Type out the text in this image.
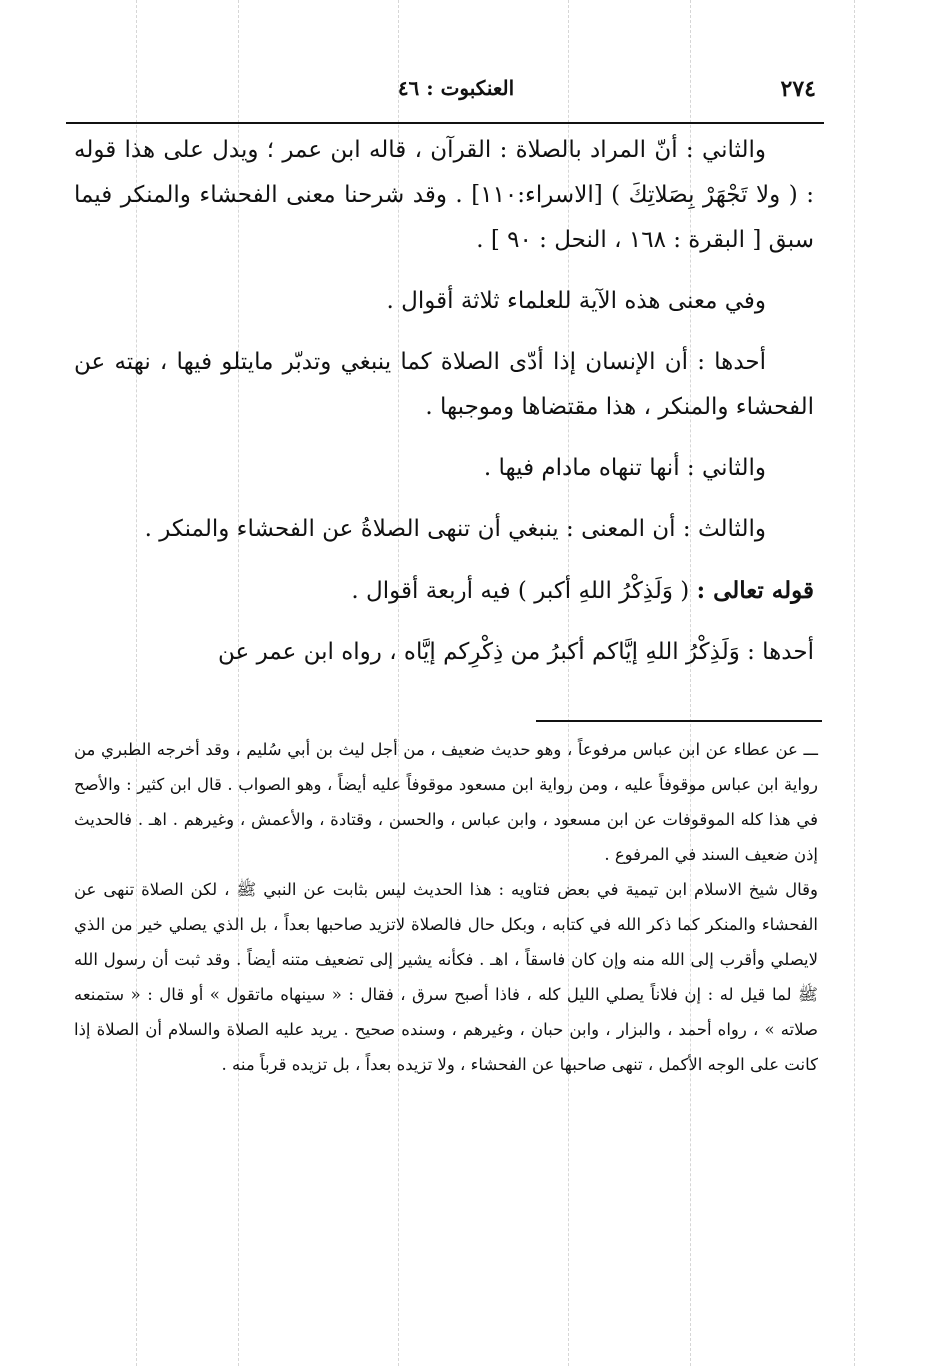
٢٧٤
العنكبوت : ٤٦

والثاني : أنّ المراد بالصلاة : القرآن ، قاله ابن عمر ؛ ويدل على هذا قوله : ( ولا تَجْهَرْ بِصَلاتِكَ ) [الاسراء:١١٠] . وقد شرحنا معنى الفحشاء والمنكر فيما سبق [ البقرة : ١٦٨ ، النحل : ٩٠ ] .

وفي معنى هذه الآية للعلماء ثلاثة أقوال .

أحدها : أن الإنسان إذا أدّى الصلاة كما ينبغي وتدبّر مايتلو فيها ، نهته عن الفحشاء والمنكر ، هذا مقتضاها وموجبها .

والثاني : أنها تنهاه مادام فيها .

والثالث : أن المعنى : ينبغي أن تنهى الصلاةُ عن الفحشاء والمنكر .

قوله تعالى : ( وَلَذِكْرُ اللهِ أكبر ) فيه أربعة أقوال .

أحدها : وَلَذِكْرُ اللهِ إيَّاكم أكبرُ من ذِكْرِكم إيَّاه ، رواه ابن عمر عن

ـــ عن عطاء عن ابن عباس مرفوعاً ، وهو حديث ضعيف ، من أجل ليث بن أبي سُليم ، وقد أخرجه الطبري من رواية ابن عباس موقوفاً عليه ، ومن رواية ابن مسعود موقوفاً عليه أيضاً ، وهو الصواب . قال ابن كثير : والأصح في هذا كله الموقوفات عن ابن مسعود ، وابن عباس ، والحسن ، وقتادة ، والأعمش ، وغيرهم . اهـ . فالحديث إذن ضعيف السند في المرفوع .

وقال شيخ الاسلام ابن تيمية في بعض فتاويه : هذا الحديث ليس بثابت عن النبي ﷺ ، لكن الصلاة تنهى عن الفحشاء والمنكر كما ذكر الله في كتابه ، وبكل حال فالصلاة لاتزيد صاحبها بعداً ، بل الذي يصلي خير من الذي لايصلي وأقرب إلى الله منه وإن كان فاسقاً ، اهـ . فكأنه يشير إلى تضعيف متنه أيضاً . وقد ثبت أن رسول الله ﷺ لما قيل له : إن فلاناً يصلي الليل كله ، فاذا أصبح سرق ، فقال : « سينهاه ماتقول » أو قال : « ستمنعه صلاته » ، رواه أحمد ، والبزار ، وابن حبان ، وغيرهم ، وسنده صحيح . يريد عليه الصلاة والسلام أن الصلاة إذا كانت على الوجه الأكمل ، تنهى صاحبها عن الفحشاء ، ولا تزيده بعداً ، بل تزيده قرباً منه .
